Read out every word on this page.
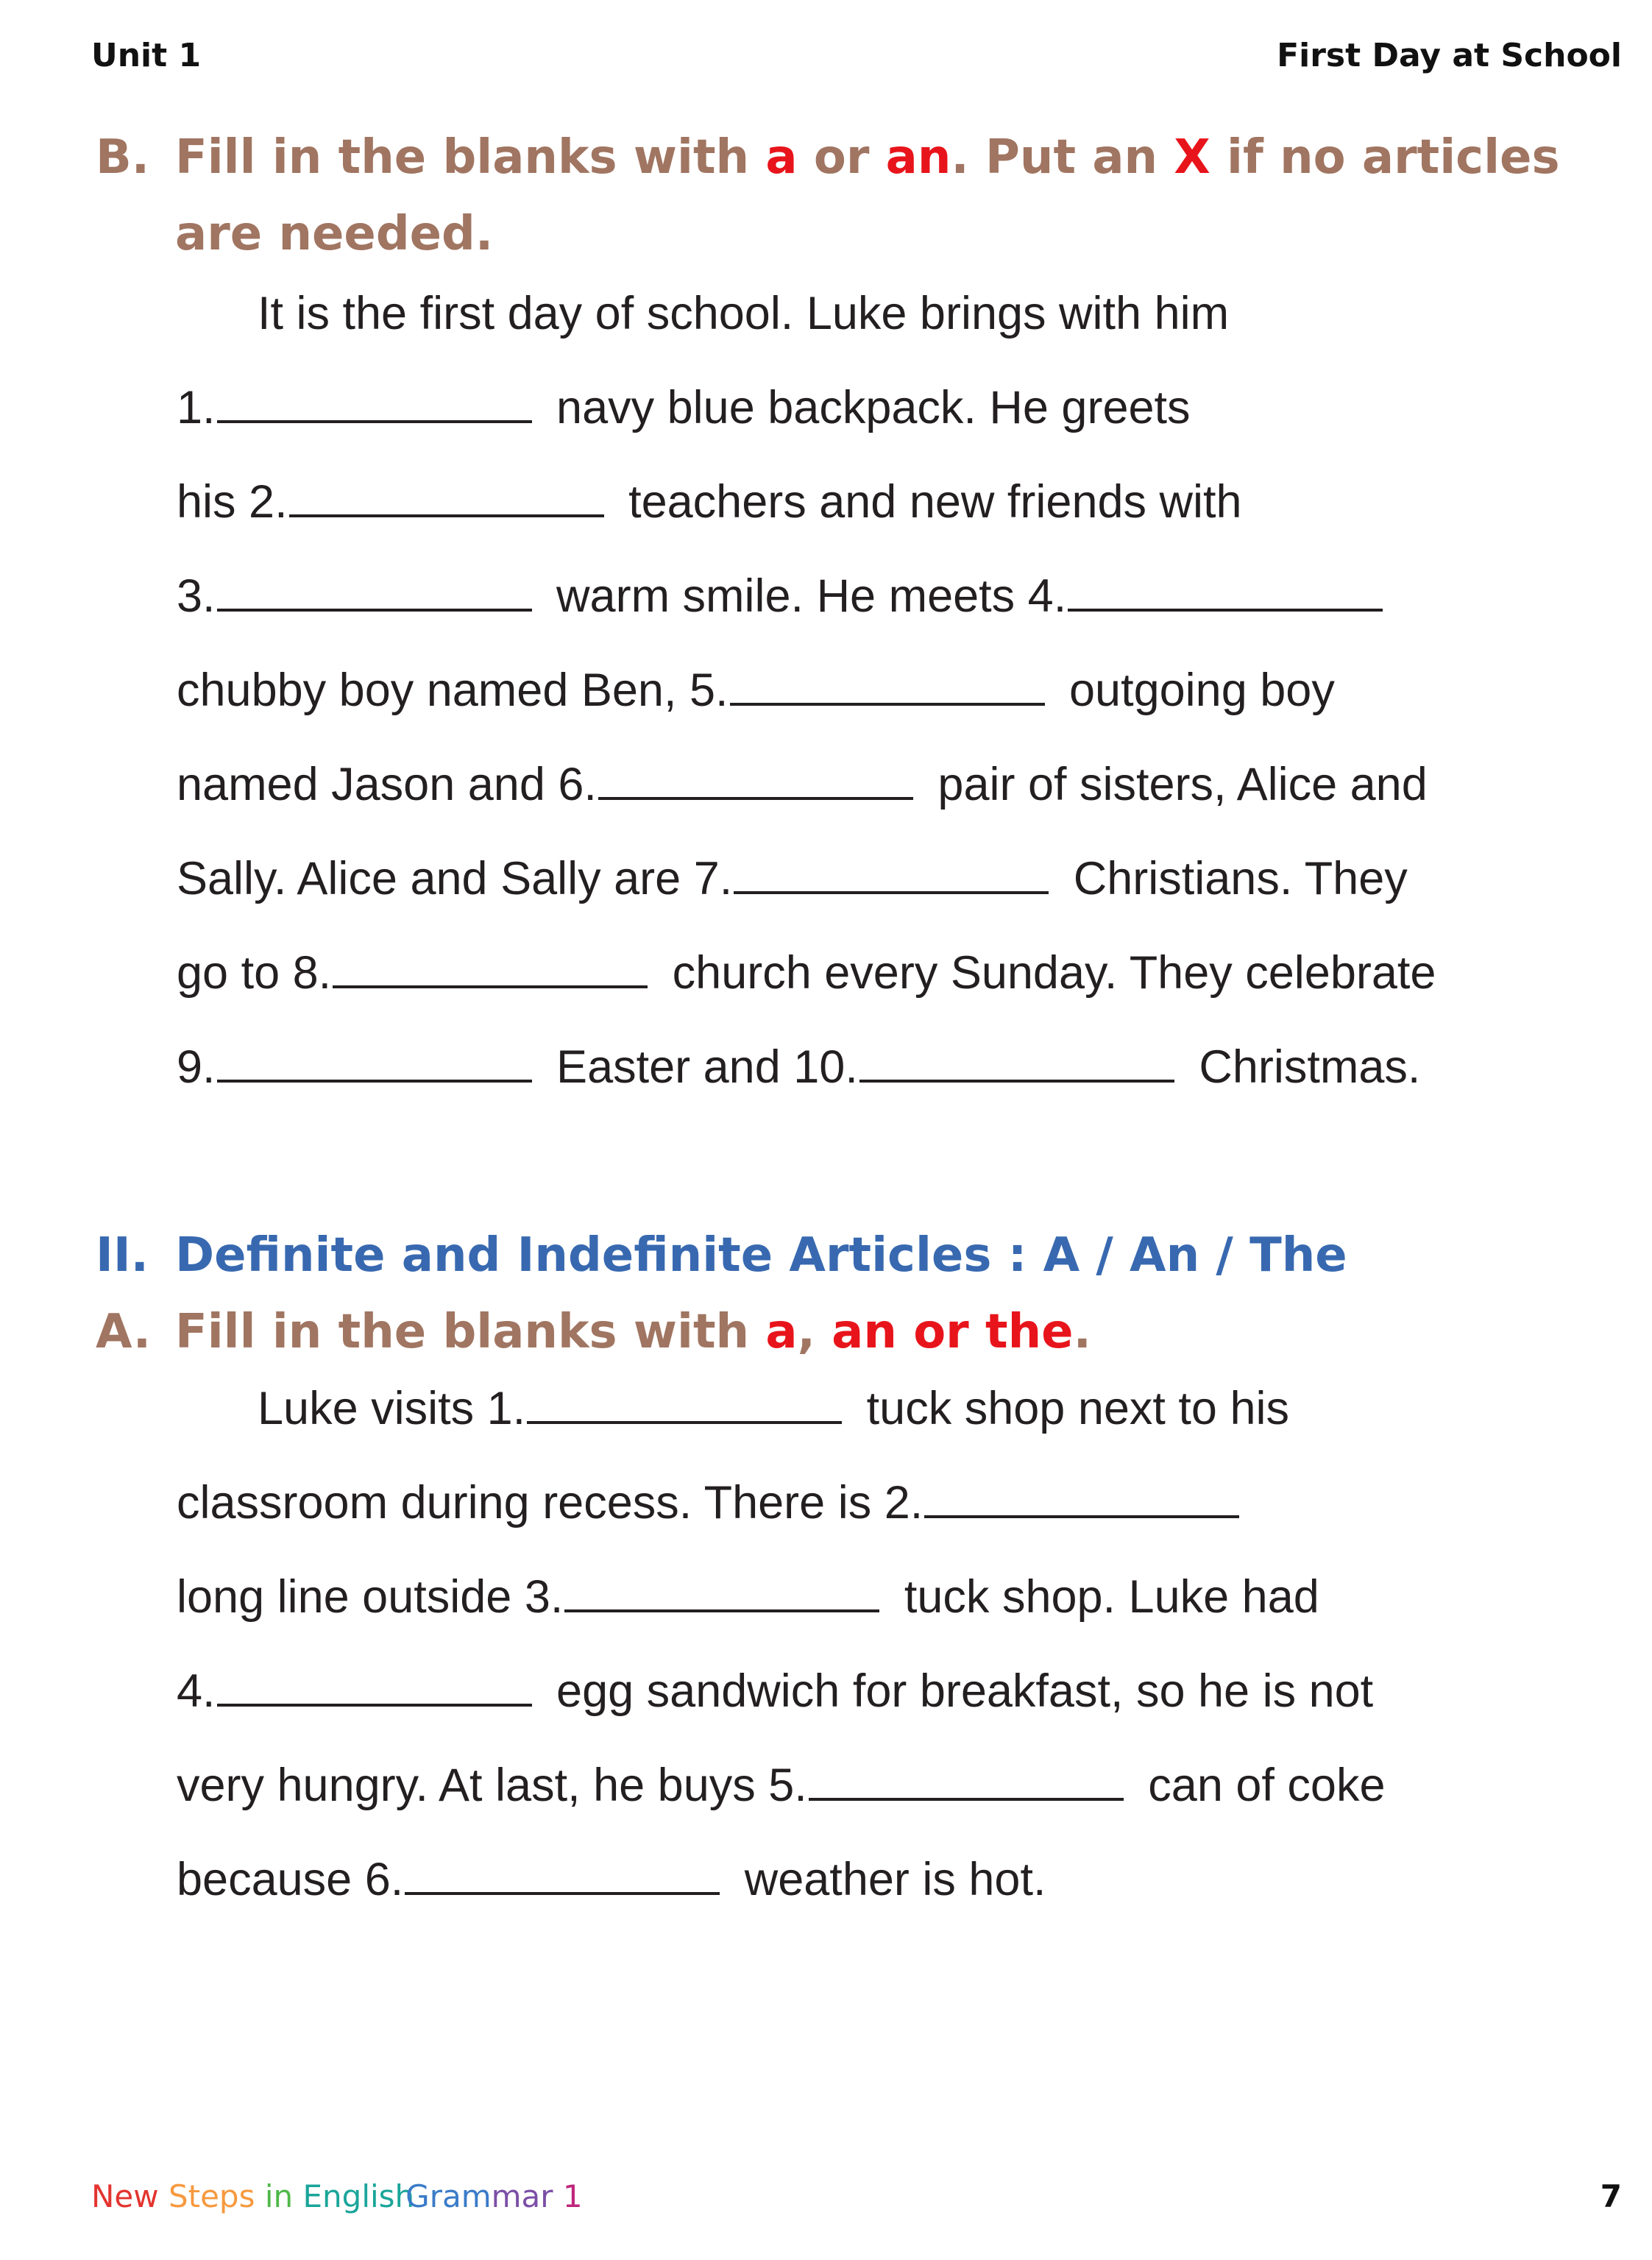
Unit 1	First Day at School
B. Fill in the blanks with a or an. Put an X if no articles
are needed.
It is the first day of school. Luke brings with him
1.	navy blue backpack. He greets
his 2.	teachers and new friends with
3.	warm smile. He meets 4.
chubby boy named Ben, 5.	outgoing boy
named Jason and 6.	pair of sisters, Alice and
Sally. Alice and Sally are 7.	Christians. They
go to 8.	church every Sunday. They celebrate
9.	Easter and 10.	Christmas.
II. Definite and Indefinite Articles : A / An / The
A. Fill in the blanks with a, an or the.
Luke visits 1.	tuck shop next to his
classroom during recess. There is 2.
long line outside 3.	tuck shop. Luke had
4.	egg sandwich for breakfast, so he is not
very hungry. At last, he buys 5.	can of coke
because 6.	weather is hot.
New Steps in EnglishGrammar 1	7
